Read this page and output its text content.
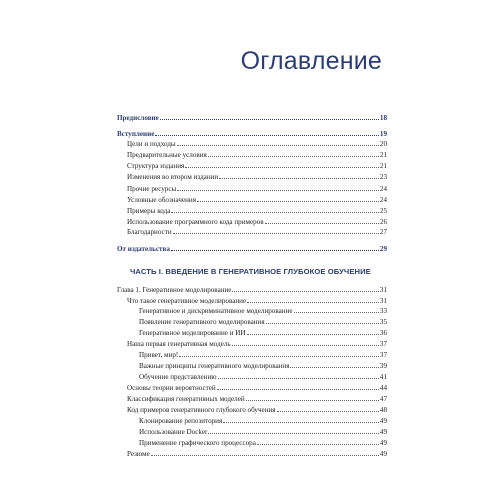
Оглавление
Предисловие	18
Вступление	19
Цели и подходы	20
Предварительные условия	21
Структура издания	21
Изменения во втором издании	23
Прочие ресурсы	24
Условные обозначения	24
Примеры кода	25
Использование программного кода примеров	26
Благодарности	27
От издательства	29
ЧАСТЬ I. ВВЕДЕНИЕ В ГЕНЕРАТИВНОЕ ГЛУБОКОЕ ОБУЧЕНИЕ
Глава 1. Генеративное моделирование	31
Что такое генеративное моделирование	31
Генеративное и дискриминативное моделирование	33
Появление генеративного моделирования	35
Генеративное моделирование и ИИ	36
Наша первая генеративная модель	37
Привет, мир!	37
Важные принципы генеративного моделирования	39
Обучение представлению	41
Основы теории вероятностей	44
Классификация генеративных моделей	47
Код примеров генеративного глубокого обучения	48
Клонирование репозитория	49
Использование Docker	49
Применение графического процессора	49
Резюме	49
